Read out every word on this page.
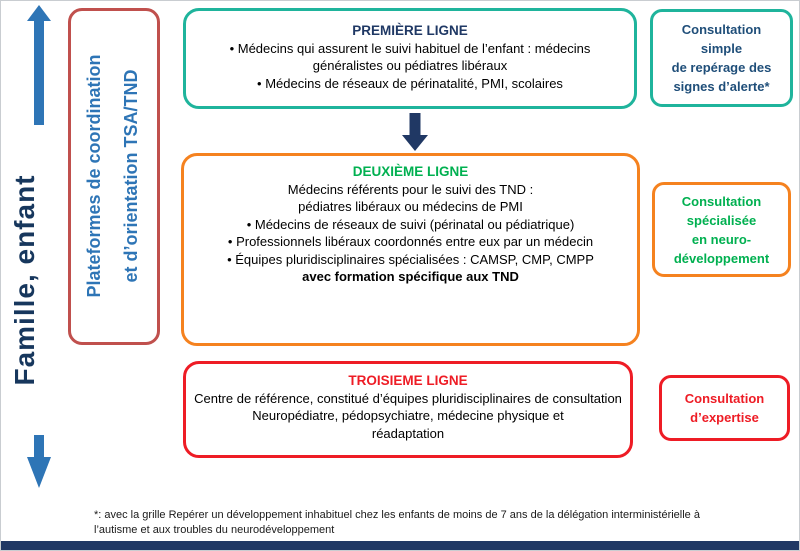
Famille, enfant	Plateformes de coordination et d’orientation TSA/TND
PREMIÈRE LIGNE
• Médecins qui assurent le suivi habituel de l’enfant : médecins généralistes ou pédiatres libéraux
• Médecins de réseaux de périnatalité, PMI, scolaires
DEUXIÈME LIGNE
Médecins référents pour le suivi des TND :
pédiatres libéraux ou médecins de PMI
• Médecins de réseaux de suivi (périnatal ou pédiatrique)
• Professionnels libéraux coordonnés entre eux par un médecin
• Équipes pluridisciplinaires spécialisées : CAMSP, CMP, CMPP
avec formation spécifique aux TND
TROISIEME LIGNE
Centre de référence, constitué d’équipes pluridisciplinaires de consultation
Neuropédiatre, pédopsychiatre, médecine physique et réadaptation
Consultation
simple
de repérage des
signes d’alerte*
Consultation
spécialisée
en neuro-
développement
Consultation
d’expertise
*: avec la grille Repérer un développement inhabituel chez les enfants de moins de 7 ans de la délégation interministérielle à l’autisme et aux troubles du neurodéveloppement
